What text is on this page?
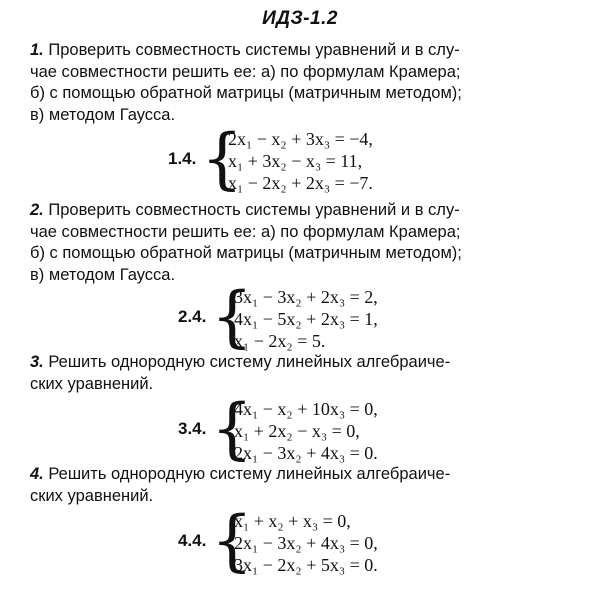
ИДЗ-1.2
1. Проверить совместность системы уравнений и в слу-
чае совместности решить ее: а) по формулам Крамера;
б) с помощью обратной матрицы (матричным методом);
в) методом Гаусса.
1.4. {
2x₁ − x₂ + 3x₃ = −4,
x₁ + 3x₂ − x₃ = 11,
x₁ − 2x₂ + 2x₃ = −7.
2. Проверить совместность системы уравнений и в слу-
чае совместности решить ее: а) по формулам Крамера;
б) с помощью обратной матрицы (матричным методом);
в) методом Гаусса.
2.4. {
3x₁ − 3x₂ + 2x₃ = 2,
4x₁ − 5x₂ + 2x₃ = 1,
x₁ − 2x₂ = 5.
3. Решить однородную систему линейных алгебраиче-
ских уравнений.
3.4. {
4x₁ − x₂ + 10x₃ = 0,
x₁ + 2x₂ − x₃ = 0,
2x₁ − 3x₂ + 4x₃ = 0.
4. Решить однородную систему линейных алгебраиче-
ских уравнений.
4.4. {
x₁ + x₂ + x₃ = 0,
2x₁ − 3x₂ + 4x₃ = 0,
3x₁ − 2x₂ + 5x₃ = 0.
